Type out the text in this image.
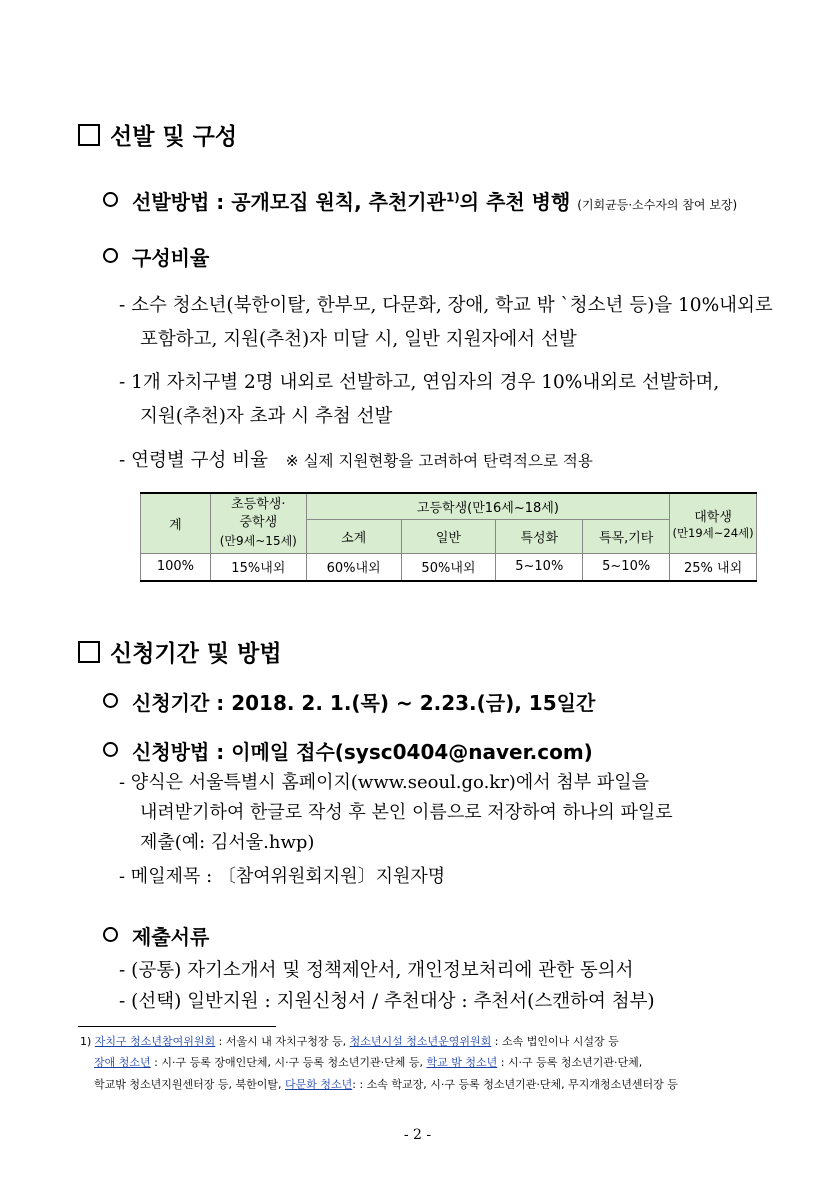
선발 및 구성
선발방법 : 공개모집 원칙, 추천기관$^{1)}$의 추천 병행 (기회균등·소수자의 참여 보장)
구성비율
- 소수 청소년(북한이탈, 한부모, 다문화, 장애, 학교 밖 `청소년 등)을 10%내외로
포함하고, 지원(추천)자 미달 시, 일반 지원자에서 선발
- 1개 자치구별 2명 내외로 선발하고, 연임자의 경우 10%내외로 선발하며,
지원(추천)자 초과 시 추첨 선발
- 연령별 구성 비율 ※ 실제 지원현황을 고려하여 탄력적으로 적용
계	초등학생·
중학생
(만9세~15세)	고등학생(만16세~18세)				대학생
(만19세~24세)
		소계	일반	특성화	특목,기타	
100%	15%내외	60%내외	50%내외	5~10%	5~10%	25% 내외
신청기간 및 방법
신청기간 : 2018. 2. 1.(목) ~ 2.23.(금), 15일간
신청방법 : 이메일 접수(sysc0404@naver.com)
- 양식은 서울특별시 홈페이지(www.seoul.go.kr)에서 첨부 파일을
내려받기하여 한글로 작성 후 본인 이름으로 저장하여 하나의 파일로
제출(예: 김서울.hwp)
- 메일제목 : 〔참여위원회지원〕지원자명
제출서류
- (공통) 자기소개서 및 정책제안서, 개인정보처리에 관한 동의서
- (선택) 일반지원 : 지원신청서 / 추천대상 : 추천서(스캔하여 첨부)
1) 자치구 청소년참여위원회 : 서울시 내 자치구청장 등, 청소년시설 청소년운영위원회 : 소속 법인이나 시설장 등
장애 청소년 : 시·구 등록 장애인단체, 시·구 등록 청소년기관·단체 등, 학교 밖 청소년 : 시·구 등록 청소년기관·단체,
학교밖 청소년지원센터장 등, 북한이탈, 다문화 청소년: : 소속 학교장, 시·구 등록 청소년기관·단체, 무지개청소년센터장 등
- 2 -
